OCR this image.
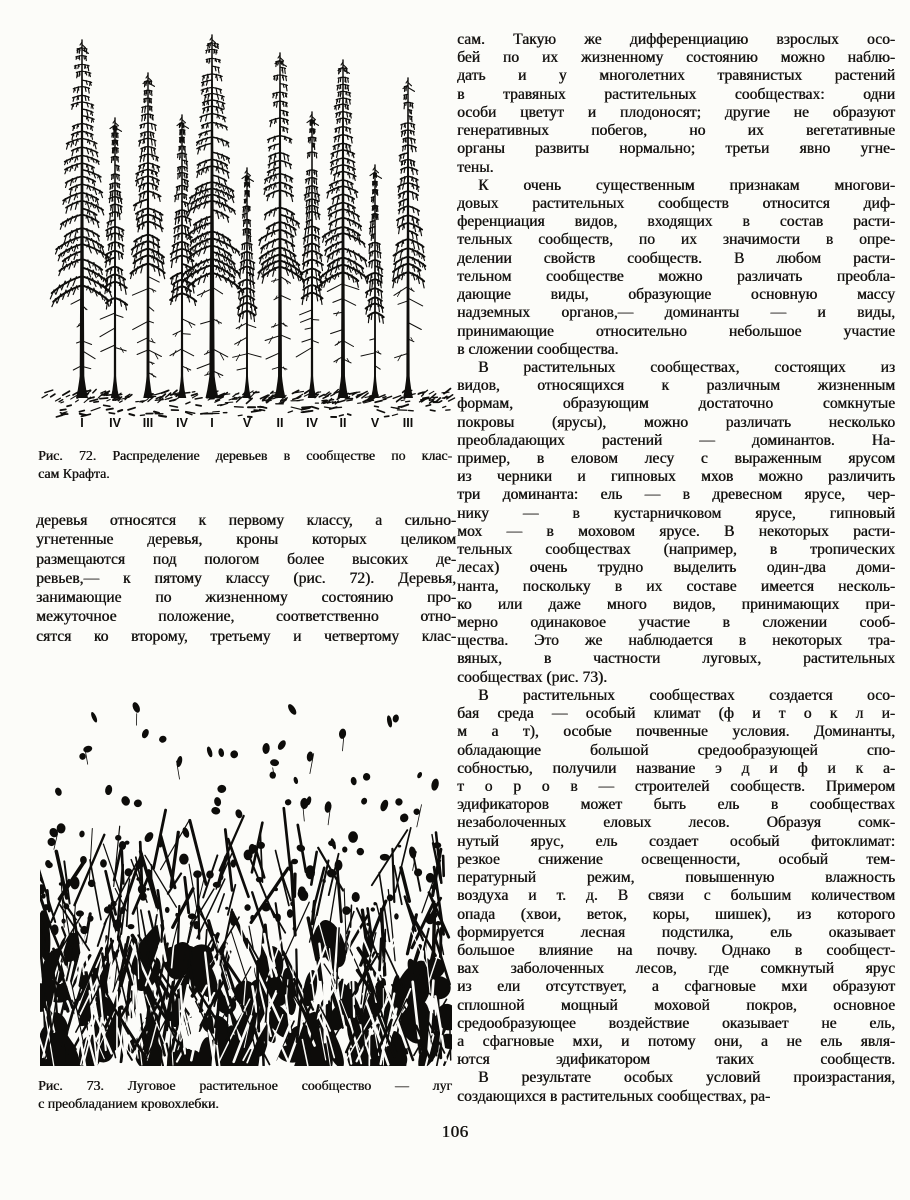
I IV III IV I V II IV II V III
Рис. 72. Распределение деревьев в сообществе по клас-
сам Крафта.
деревья относятся к первому классу, а сильно-
угнетенные деревья, кроны которых целиком
размещаются под пологом более высоких де-
ревьев,— к пятому классу (рис. 72). Деревья,
занимающие по жизненному состоянию про-
межуточное положение, соответственно отно-
сятся ко второму, третьему и четвертому клас-
Рис. 73. Луговое растительное сообщество — луг
с преобладанием кровохлебки.
сам. Такую же дифференциацию взрослых осо-
бей по их жизненному состоянию можно наблю-
дать и у многолетних травянистых растений
в травяных растительных сообществах: одни
особи цветут и плодоносят; другие не образуют
генеративных побегов, но их вегетативные
органы развиты нормально; третьи явно угне-
тены.
К очень существенным признакам многови-
довых растительных сообществ относится диф-
ференциация видов, входящих в состав расти-
тельных сообществ, по их значимости в опре-
делении свойств сообществ. В любом расти-
тельном сообществе можно различать преобла-
дающие виды, образующие основную массу
надземных органов,— доминанты — и виды,
принимающие относительно небольшое участие
в сложении сообщества.
В растительных сообществах, состоящих из
видов, относящихся к различным жизненным
формам, образующим достаточно сомкнутые
покровы (ярусы), можно различать несколько
преобладающих растений — доминантов. На-
пример, в еловом лесу с выраженным ярусом
из черники и гипновых мхов можно различить
три доминанта: ель — в древесном ярусе, чер-
нику — в кустарничковом ярусе, гипновый
мох — в моховом ярусе. В некоторых расти-
тельных сообществах (например, в тропических
лесах) очень трудно выделить один-два доми-
нанта, поскольку в их составе имеется несколь-
ко или даже много видов, принимающих при-
мерно одинаковое участие в сложении сооб-
щества. Это же наблюдается в некоторых тра-
вяных, в частности луговых, растительных
сообществах (рис. 73).
В растительных сообществах создается осо-
бая среда — особый климат (ф и т о к л и-
м а т), особые почвенные условия. Доминанты,
обладающие большой средообразующей спо-
собностью, получили название э д и ф и к а-
т о р о в — строителей сообществ. Примером
эдификаторов может быть ель в сообществах
незаболоченных еловых лесов. Образуя сомк-
нутый ярус, ель создает особый фитоклимат:
резкое снижение освещенности, особый тем-
пературный режим, повышенную влажность
воздуха и т. д. В связи с большим количеством
опада (хвои, веток, коры, шишек), из которого
формируется лесная подстилка, ель оказывает
большое влияние на почву. Однако в сообщест-
вах заболоченных лесов, где сомкнутый ярус
из ели отсутствует, а сфагновые мхи образуют
сплошной мощный моховой покров, основное
средообразующее воздействие оказывает не ель,
а сфагновые мхи, и потому они, а не ель явля-
ются эдификатором таких сообществ.
В результате особых условий произрастания,
создающихся в растительных сообществах, ра-
106
